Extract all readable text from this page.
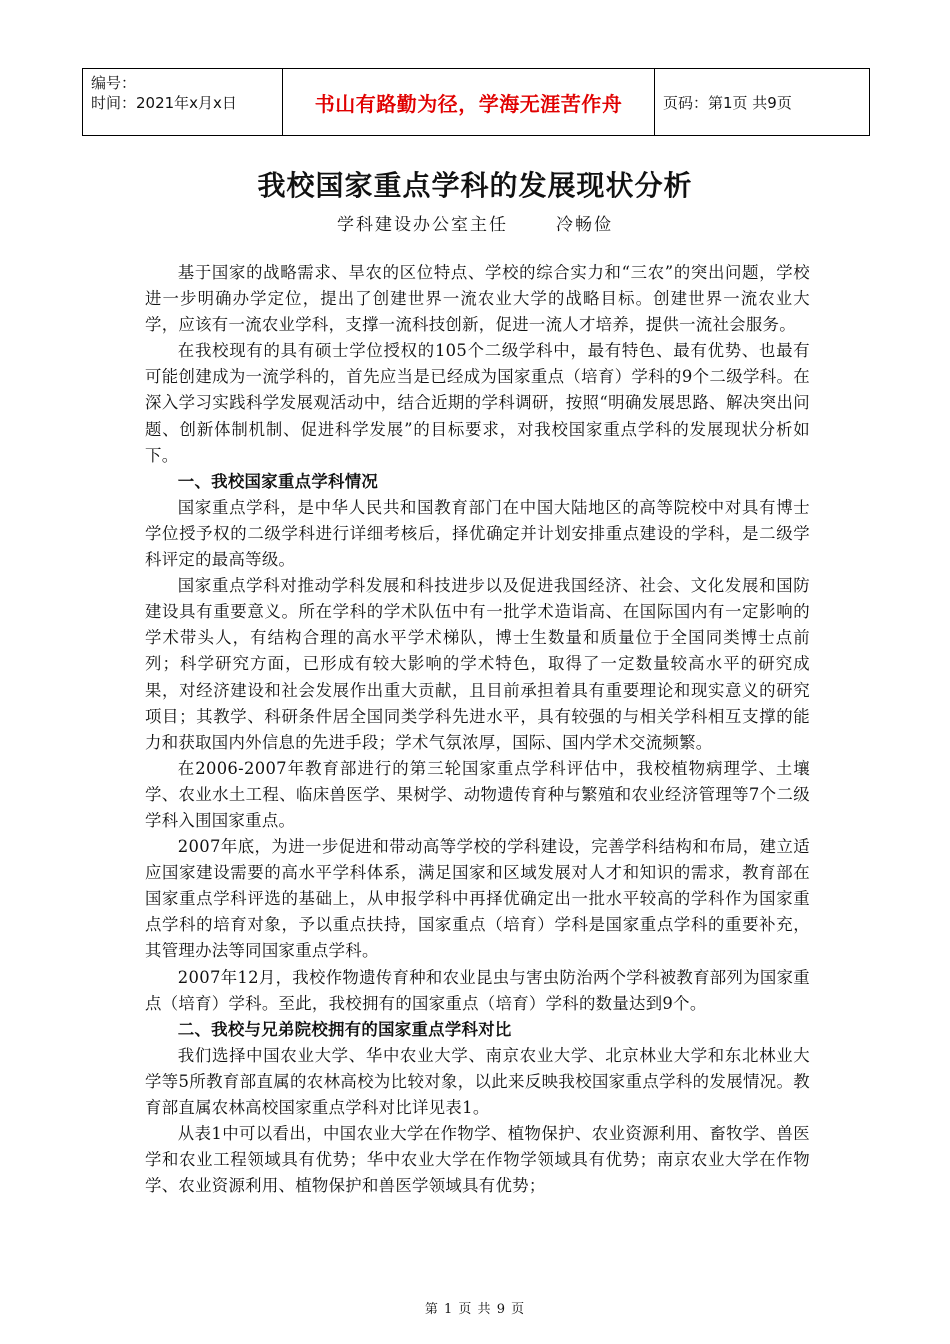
编号：
时间：2021年x月x日	书山有路勤为径，学海无涯苦作舟	页码：第1页 共9页
我校国家重点学科的发展现状分析
学科建设办公室主任	冷畅俭

基于国家的战略需求、旱农的区位特点、学校的综合实力和“三农”的突出问题，学校进一步明确办学定位，提出了创建世界一流农业大学的战略目标。创建世界一流农业大学，应该有一流农业学科，支撑一流科技创新，促进一流人才培养，提供一流社会服务。

在我校现有的具有硕士学位授权的105个二级学科中，最有特色、最有优势、也最有可能创建成为一流学科的，首先应当是已经成为国家重点（培育）学科的9个二级学科。在深入学习实践科学发展观活动中，结合近期的学科调研，按照“明确发展思路、解决突出问题、创新体制机制、促进科学发展”的目标要求，对我校国家重点学科的发展现状分析如下。

一、我校国家重点学科情况

国家重点学科，是中华人民共和国教育部门在中国大陆地区的高等院校中对具有博士学位授予权的二级学科进行详细考核后，择优确定并计划安排重点建设的学科，是二级学科评定的最高等级。

国家重点学科对推动学科发展和科技进步以及促进我国经济、社会、文化发展和国防建设具有重要意义。所在学科的学术队伍中有一批学术造诣高、在国际国内有一定影响的学术带头人，有结构合理的高水平学术梯队，博士生数量和质量位于全国同类博士点前列；科学研究方面，已形成有较大影响的学术特色，取得了一定数量较高水平的研究成果，对经济建设和社会发展作出重大贡献，且目前承担着具有重要理论和现实意义的研究项目；其教学、科研条件居全国同类学科先进水平，具有较强的与相关学科相互支撑的能力和获取国内外信息的先进手段；学术气氛浓厚，国际、国内学术交流频繁。

在2006-2007年教育部进行的第三轮国家重点学科评估中，我校植物病理学、土壤学、农业水土工程、临床兽医学、果树学、动物遗传育种与繁殖和农业经济管理等7个二级学科入围国家重点。

2007年底，为进一步促进和带动高等学校的学科建设，完善学科结构和布局，建立适应国家建设需要的高水平学科体系，满足国家和区域发展对人才和知识的需求，教育部在国家重点学科评选的基础上，从申报学科中再择优确定出一批水平较高的学科作为国家重点学科的培育对象，予以重点扶持，国家重点（培育）学科是国家重点学科的重要补充，其管理办法等同国家重点学科。

2007年12月，我校作物遗传育种和农业昆虫与害虫防治两个学科被教育部列为国家重点（培育）学科。至此，我校拥有的国家重点（培育）学科的数量达到9个。

二、我校与兄弟院校拥有的国家重点学科对比

我们选择中国农业大学、华中农业大学、南京农业大学、北京林业大学和东北林业大学等5所教育部直属的农林高校为比较对象，以此来反映我校国家重点学科的发展情况。教育部直属农林高校国家重点学科对比详见表1。

从表1中可以看出，中国农业大学在作物学、植物保护、农业资源利用、畜牧学、兽医学和农业工程领域具有优势；华中农业大学在作物学领域具有优势；南京农业大学在作物学、农业资源利用、植物保护和兽医学领域具有优势；

第 1 页 共 9 页
